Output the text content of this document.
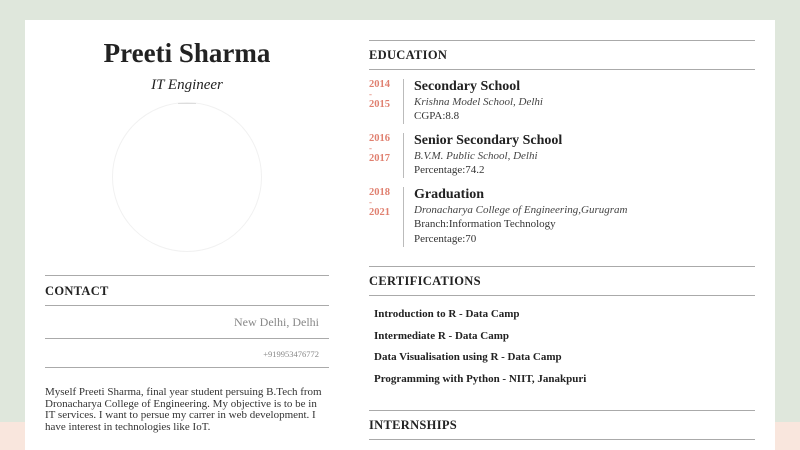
Preeti Sharma
IT Engineer
CONTACT
New Delhi, Delhi
+919953476772
Myself Preeti Sharma, final year student persuing B.Tech from Dronacharya College of Engineering. My objective is to be in IT services. I want to persue my carrer in web development. I have interest in technologies like IoT.
EDUCATION
2014
-
2015
Secondary School
Krishna Model School, Delhi
CGPA:8.8
2016
-
2017
Senior Secondary School
B.V.M. Public School, Delhi
Percentage:74.2
2018
-
2021
Graduation
Dronacharya College of Engineering,Gurugram
Branch:Information Technology
Percentage:70
CERTIFICATIONS
Introduction to R - Data Camp
Intermediate R - Data Camp
Data Visualisation using R - Data Camp
Programming with Python - NIIT, Janakpuri
INTERNSHIPS
